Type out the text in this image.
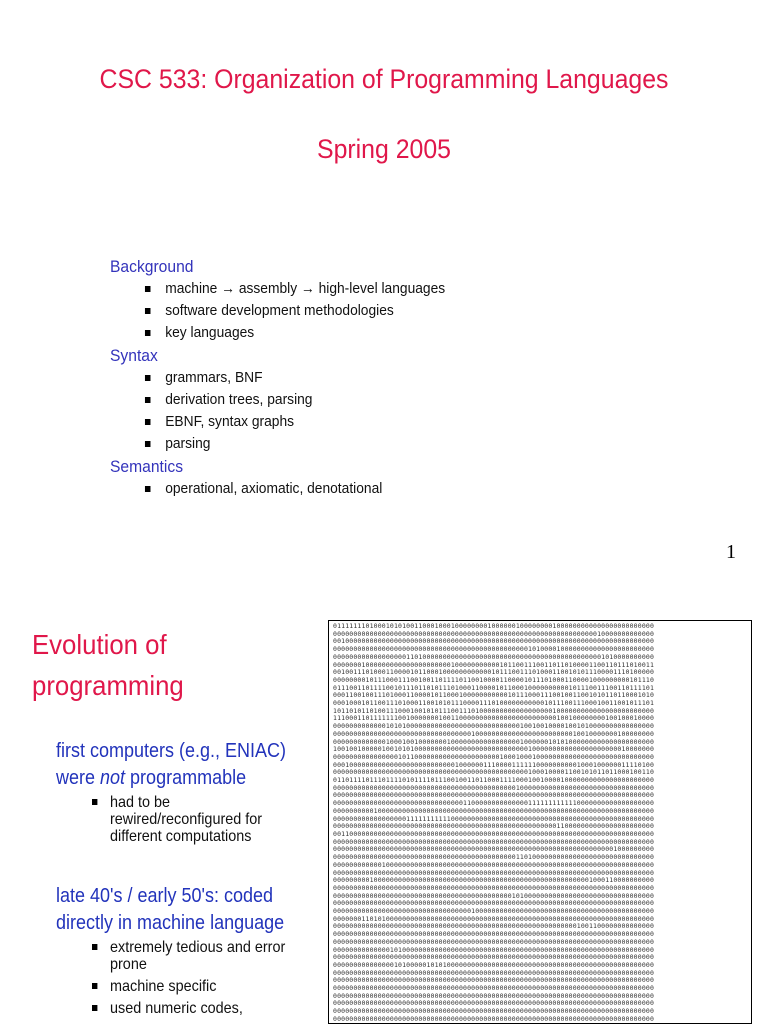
CSC 533: Organization of Programming Languages
Spring 2005
Background
machine → assembly → high-level languages
software development methodologies
key languages
Syntax
grammars, BNF
derivation trees, parsing
EBNF, syntax graphs
parsing
Semantics
operational, axiomatic, denotational
1
Evolution of
programming
first computers (e.g., ENIAC) were not programmable
had to be rewired/reconfigured for different computations
late 40's / early 50's: coded directly in machine language
extremely tedious and error prone
machine specific
used numeric codes,
0111111101000101010011000100010000000010000001000000001000000000000000000000000
0000000000000000000000000000000000000000000000000000000000000000010000000000000
0010000000000000000000000000000000000000000000000000000000000000000000000000000
0000000000000000000000000000000000000000000000001010000100000000000000000000000
0000000000000000001101000000000000000000000000000000000000000000001010000000000
0000000100000000000000000000010000000000010110011100110110100001100110111010011
0010011101000110000101100010000000000001011100111010001100101011100001110100000
0000000010111000111001001101111011001000011000010111010001100001000000000101110
0111001101111001011101101011101000110000101100010000000000101110011100110111101
0001100100111010001100001011000100000000000101110001110010011001010110110001010
0001000101100111010001100101011100001110100000000000101110011100010011001011101
1011010110100111000100101011100111010000000000000000001000000000000000000000000
1110001101111111001000000010011000000000000000000000000100100000000100100010000
0000000000000101010000000000000000000000000000100100100001001010000000000000000
0000000000000000000000000000000000100000000000000000000000010010000000100000000
0000000000000100010010000000100000000000000000100000010101000000000000000000000
1001001000001001010100000000000000000000000000001000000000000000000000010000000
0000000000000000101100000000000000000000010001000100000000000000000000000000000
0001000000000000000000000000001000000111000011111100000000001000100000011110100
0000000000000000000000000000000000000000000000001000100001100101011011000100110
0110111101110111101011110111001001101100011110001001000010000000000000000000000
0000000000000000000000000000000000000000000001000000000000000000000000000000000
0000000000000000000000000000000000000000000000000000000000000000000000000000000
0000000000000000000000000000000011000000000000001111111111110000000000000000000
0000000000100000000000000000000000000000000000000000000000000000000000000000000
0000000000000000001111111111100000000000000000000000000000000000000000000000000
0000000000000000000000000000000000000000000000000000000110000000000000000000000
0011000000000000000000000000000000000000000000000000000000000000000000000000000
0000000000000000000000000000000000000000000000000000000000000000000000000000000
0000000000000000000000000000000000000000000000000000000000000000000001000000000
0000000000000000000000000000000000000000000001101000000000000000000000000000000
0000000000001000000000000000000000000000000000000000000000000000000000000000000
0000000000000000000000000000000000000000000000000000000000000000000000000000000
0000000001000000000000000000000000000000000000000000000000000001000110000000000
0000000000000000000000000000000000000000000000000000000000000000000000000000000
0000000000000000000000000000000000000000000010100000000000000000000000000000000
0000000000000000000000000000000000000000000000000000000000000000000000000000000
0000000000000000000000000000000000100000000000000000000000000000000000000000000
0000000110101000000000000000000000000000000000000000000000000000000000000000000
0000000000000000000000000000000000000000000000000000000000001001100000000000000
0000000000000000000000000000000000000000000000000000000000000000000000000000000
0000000000000000000000000000000000000000000000000000000000000000000000000000000
0000000000000010100000000000000000000000000000000000000000000000000000000000000
0000000000000000000000000000000000000000000000000000000000000000000000000000000
0000000000000001010000010101000000000000000000000000000000000000000000000000000
0000000000000000000000000000000000000000000000000000000000000000000000000000000
0000000000000000000000000000000000000000000000000000000000000000000000000000000
0000000000000000000000000000000000000000000000000000000000000000000000000000000
0000000000000000000000000000000000000000000000000000000000000000000000000000000
0000000000000000000000000000000000000000000000000000000000000000000000000000000
0000000000000000000000000000000000000000000000000000000000000000000000000000000
0000000000000000000000000000000000000000000000000000000000000000000000000000000
